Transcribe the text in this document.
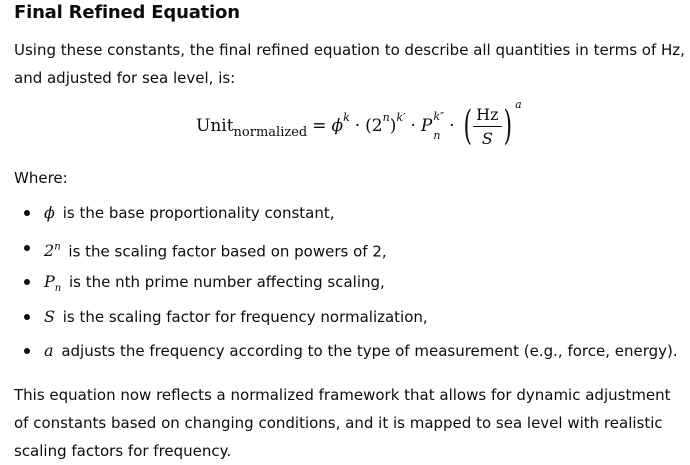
Final Refined Equation
Using these constants, the final refined equation to describe all quantities in terms of Hz, and adjusted for sea level, is:
Unit normalized = ϕ k · (2 n ) k′ · P k″
n · ( $\frac{Hz}{S}$ ) a
Where:
ϕ is the base proportionality constant,
2$^n$ is the scaling factor based on powers of 2,
$P_n$ is the nth prime number affecting scaling,
S is the scaling factor for frequency normalization,
a adjusts the frequency according to the type of measurement (e.g., force, energy).
This equation now reflects a normalized framework that allows for dynamic adjustment of constants based on changing conditions, and it is mapped to sea level with realistic scaling factors for frequency.
